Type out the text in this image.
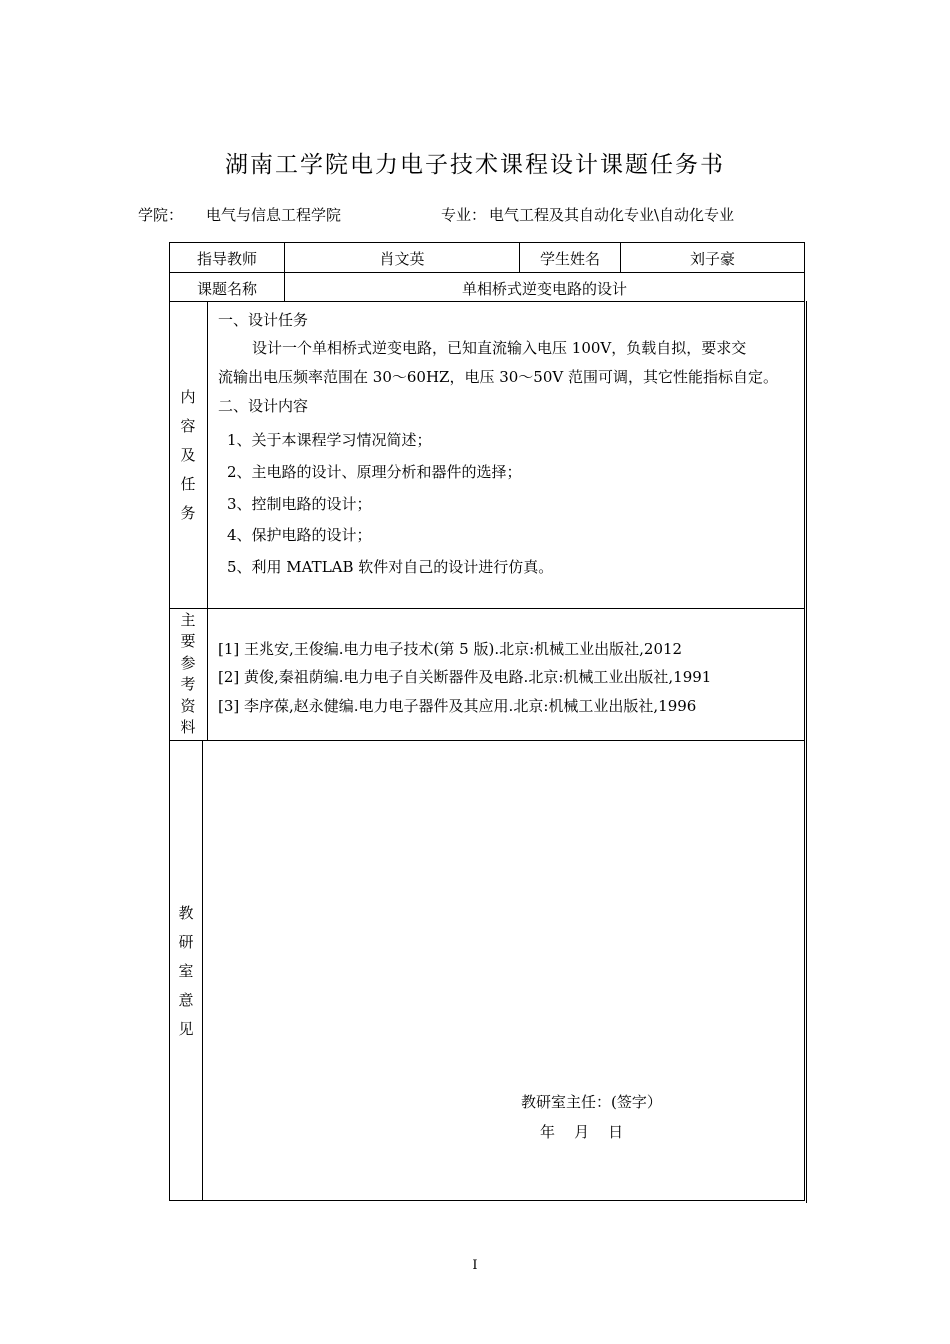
湖南工学院电力电子技术课程设计课题任务书
学院： 电气与信息工程学院	专业： 电气工程及其自动化专业\自动化专业
指导教师	肖文英	学生姓名	刘子豪
课题名称	单相桥式逆变电路的设计
内
容
及
任
务
一、设计任务
设计一个单相桥式逆变电路，已知直流输入电压 100V，负载自拟，要求交
流输出电压频率范围在 30～60HZ，电压 30～50V 范围可调，其它性能指标自定。
二、设计内容
1、关于本课程学习情况简述；
2、主电路的设计、原理分析和器件的选择；
3、控制电路的设计；
4、保护电路的设计；
5、利用 MATLAB 软件对自己的设计进行仿真。
主
要
参
考
资
料
[1] 王兆安,王俊编.电力电子技术(第 5 版).北京:机械工业出版社,2012
[2] 黄俊,秦祖荫编.电力电子自关断器件及电路.北京:机械工业出版社,1991
[3] 李序葆,赵永健编.电力电子器件及其应用.北京:机械工业出版社,1996
教
研
室
意
见
教研室主任：(签字）
年    月    日
I
